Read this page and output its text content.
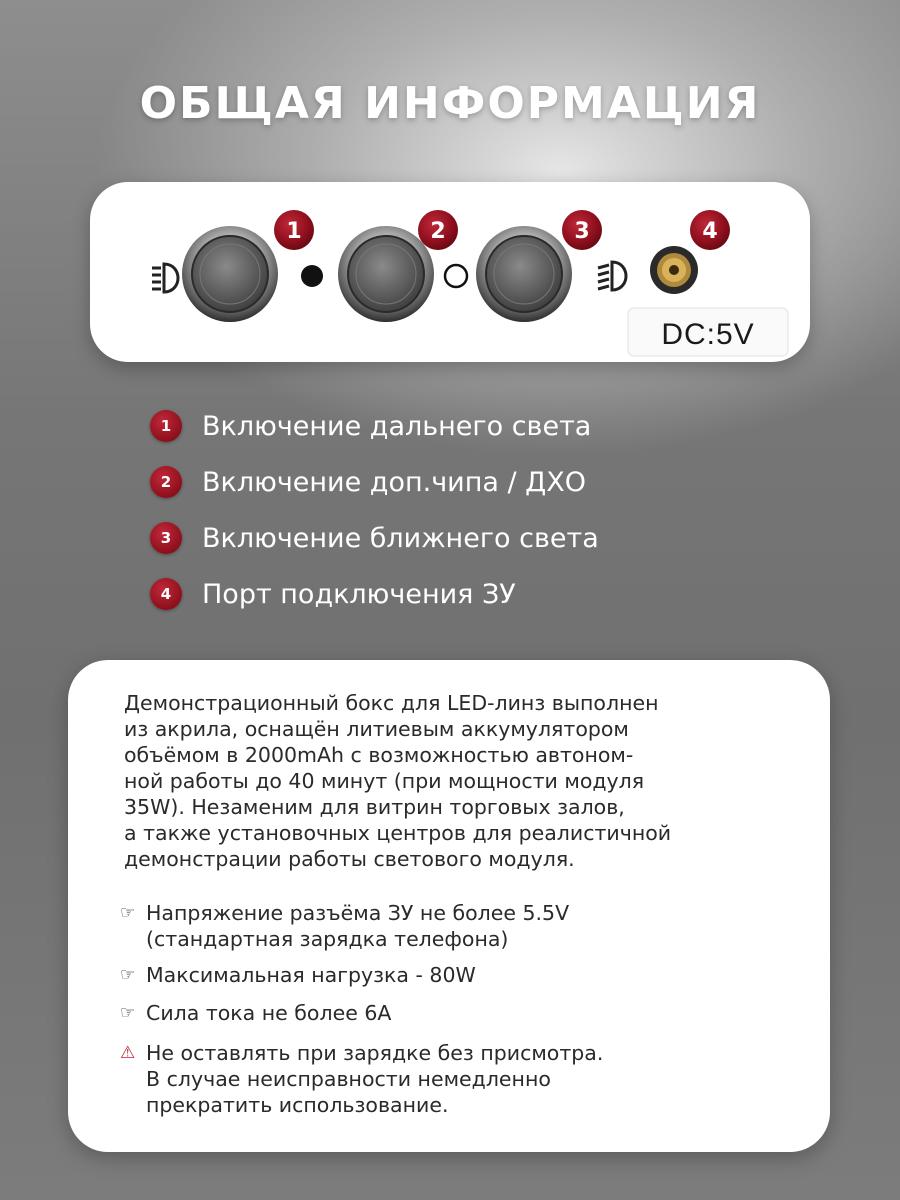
ОБЩАЯ ИНФОРМАЦИЯ
1	2	3	4
DC:5V
1	Включение дальнего света
2	Включение доп.чипа / ДХО
3	Включение ближнего света
4	Порт подключения ЗУ
Демонстрационный бокс для LED-линз выполнен
из акрила, оснащён литиевым аккумулятором
объёмом в 2000mAh с возможностью автоном-
ной работы до 40 минут (при мощности модуля
35W). Незаменим для витрин торговых залов,
а также установочных центров для реалистичной
демонстрации работы светового модуля.
☞ Напряжение разъёма ЗУ не более 5.5V
(стандартная зарядка телефона)
☞ Максимальная нагрузка - 80W
☞ Сила тока не более 6А
⚠ Не оставлять при зарядке без присмотра.
В случае неисправности немедленно
прекратить использование.
